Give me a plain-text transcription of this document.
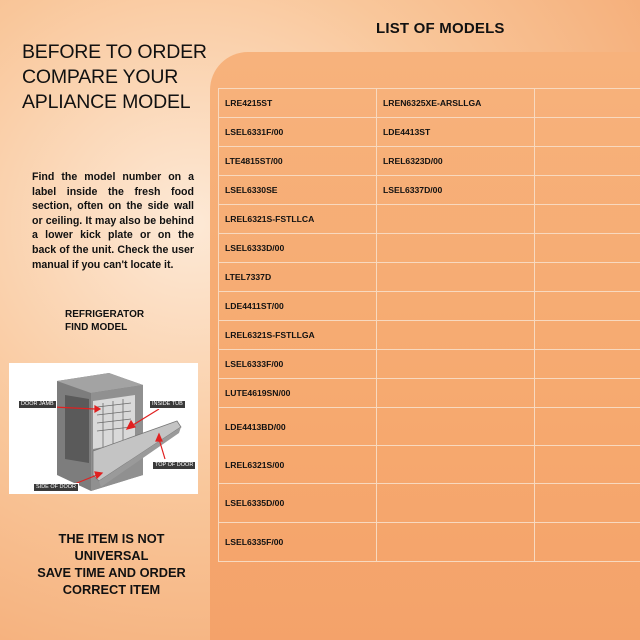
LIST OF MODELS
BEFORE TO ORDER COMPARE YOUR APLIANCE MODEL
Find the model number on a label inside the fresh food section, often on the side wall or ceiling. It may also be behind a lower kick plate or on the back of the unit. Check the user manual if you can't locate it.
REFRIGERATOR
FIND MODEL
DOOR JAMB	INSIDE TUB
TOP OF DOOR
SIDE OF DOOR
THE ITEM IS NOT
UNIVERSAL
SAVE TIME AND ORDER
CORRECT ITEM
LRE4215ST	LREN6325XE-ARSLLGA	
LSEL6331F/00	LDE4413ST	
LTE4815ST/00	LREL6323D/00	
LSEL6330SE	LSEL6337D/00	
LREL6321S-FSTLLCA		
LSEL6333D/00		
LTEL7337D		
LDE4411ST/00		
LREL6321S-FSTLLGA		
LSEL6333F/00		
LUTE4619SN/00		
LDE4413BD/00		
LREL6321S/00		
LSEL6335D/00		
LSEL6335F/00		
